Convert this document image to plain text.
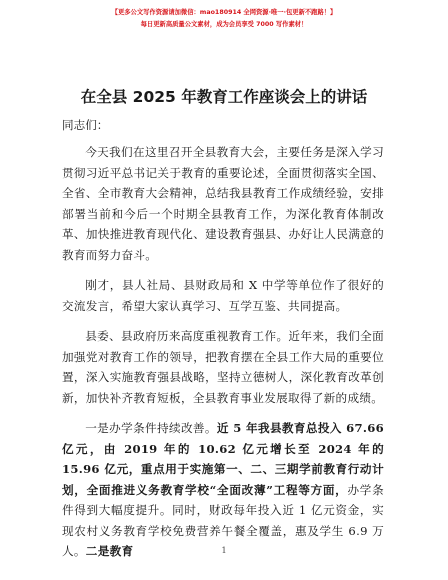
【更多公文写作资源请加微信：mao180914 全网资源·唯一·包更新不跑路！】
每日更新高质量公文素材，成为会员享受 7000 写作素材！
在全县 2025 年教育工作座谈会上的讲话
同志们：

今天我们在这里召开全县教育大会，主要任务是深入学习贯彻习近平总书记关于教育的重要论述，全面贯彻落实全国、全省、全市教育大会精神，总结我县教育工作成绩经验，安排部署当前和今后一个时期全县教育工作，为深化教育体制改革、加快推进教育现代化、建设教育强县、办好让人民满意的教育而努力奋斗。

刚才，县人社局、县财政局和 X 中学等单位作了很好的交流发言，希望大家认真学习、互学互鉴、共同提高。

县委、县政府历来高度重视教育工作。近年来，我们全面加强党对教育工作的领导，把教育摆在全县工作大局的重要位置，深入实施教育强县战略，坚持立德树人，深化教育改革创新，加快补齐教育短板，全县教育事业发展取得了新的成绩。

一是办学条件持续改善。近 5 年我县教育总投入 67.66 亿元，由 2019 年的 10.62 亿元增长至 2024 年的 15.96 亿元，重点用于实施第一、二、三期学前教育行动计划，全面推进义务教育学校“全面改薄”工程等方面，办学条件得到大幅度提升。同时，财政每年投入近 1 亿元资金，实现农村义务教育学校免费营养午餐全覆盖，惠及学生 6.9 万人。二是教育	1
